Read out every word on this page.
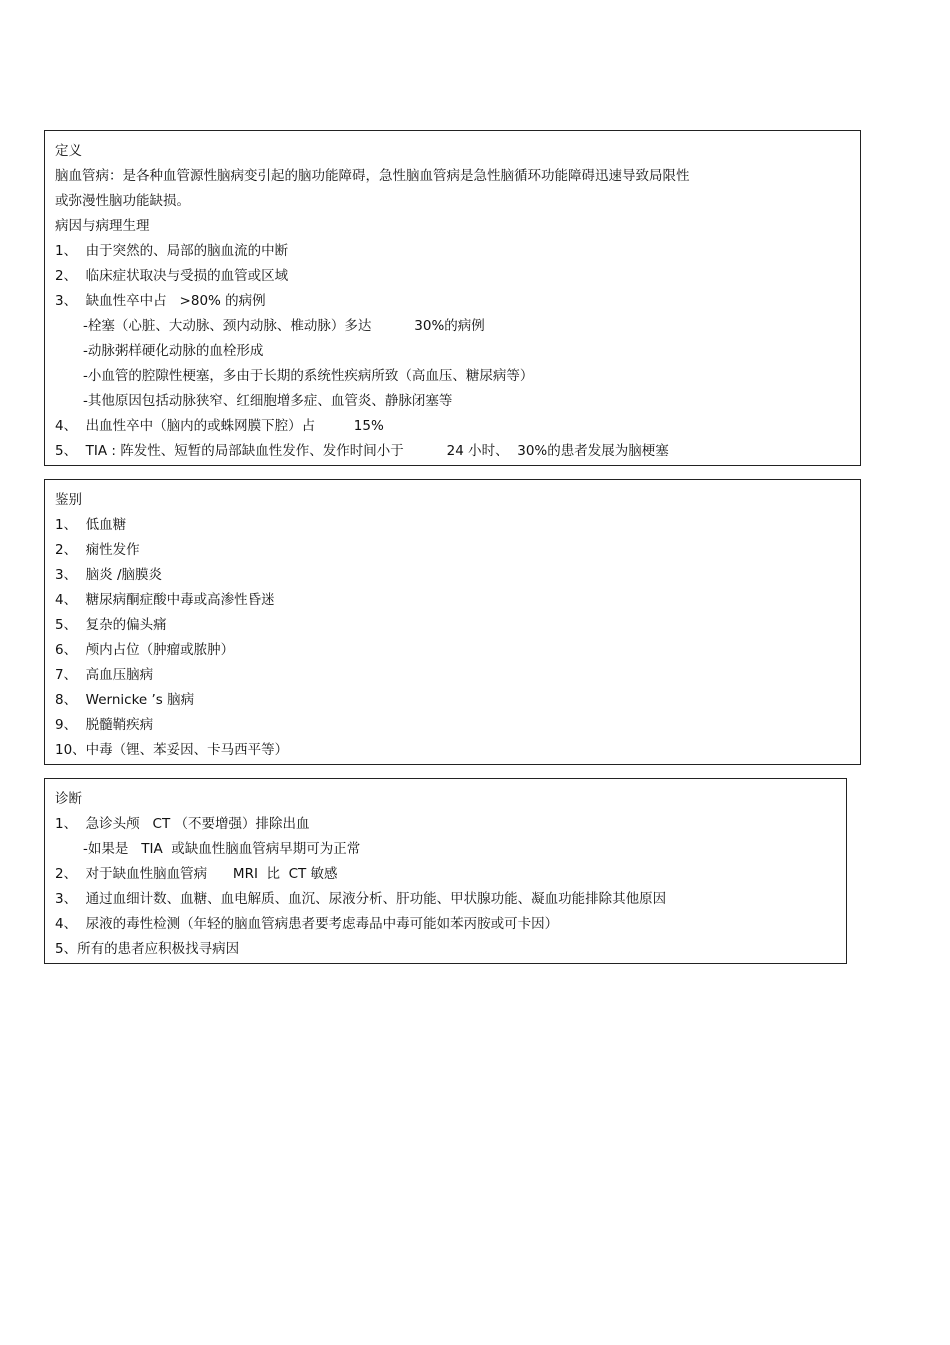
定义
脑血管病：是各种血管源性脑病变引起的脑功能障碍，急性脑血管病是急性脑循环功能障碍迅速导致局限性
或弥漫性脑功能缺损。
病因与病理生理
1、  由于突然的、局部的脑血流的中断
2、  临床症状取决与受损的血管或区域
3、  缺血性卒中占   >80% 的病例
-栓塞（心脏、大动脉、颈内动脉、椎动脉）多达          30%的病例
-动脉粥样硬化动脉的血栓形成
-小血管的腔隙性梗塞，多由于长期的系统性疾病所致（高血压、糖尿病等）
-其他原因包括动脉狭窄、红细胞增多症、血管炎、静脉闭塞等
4、  出血性卒中（脑内的或蛛网膜下腔）占         15%
5、  TIA : 阵发性、短暂的局部缺血性发作、发作时间小于          24 小时、  30%的患者发展为脑梗塞
鉴别
1、  低血糖
2、  痫性发作
3、  脑炎 /脑膜炎
4、  糖尿病酮症酸中毒或高渗性昏迷
5、  复杂的偏头痛
6、  颅内占位（肿瘤或脓肿）
7、  高血压脑病
8、  Wernicke ’s 脑病
9、  脱髓鞘疾病
10、中毒（锂、苯妥因、卡马西平等）
诊断
1、  急诊头颅   CT （不要增强）排除出血
-如果是   TIA  或缺血性脑血管病早期可为正常
2、  对于缺血性脑血管病      MRI  比  CT 敏感
3、  通过血细计数、血糖、血电解质、血沉、尿液分析、肝功能、甲状腺功能、凝血功能排除其他原因
4、  尿液的毒性检测（年轻的脑血管病患者要考虑毒品中毒可能如苯丙胺或可卡因）
5、所有的患者应积极找寻病因
